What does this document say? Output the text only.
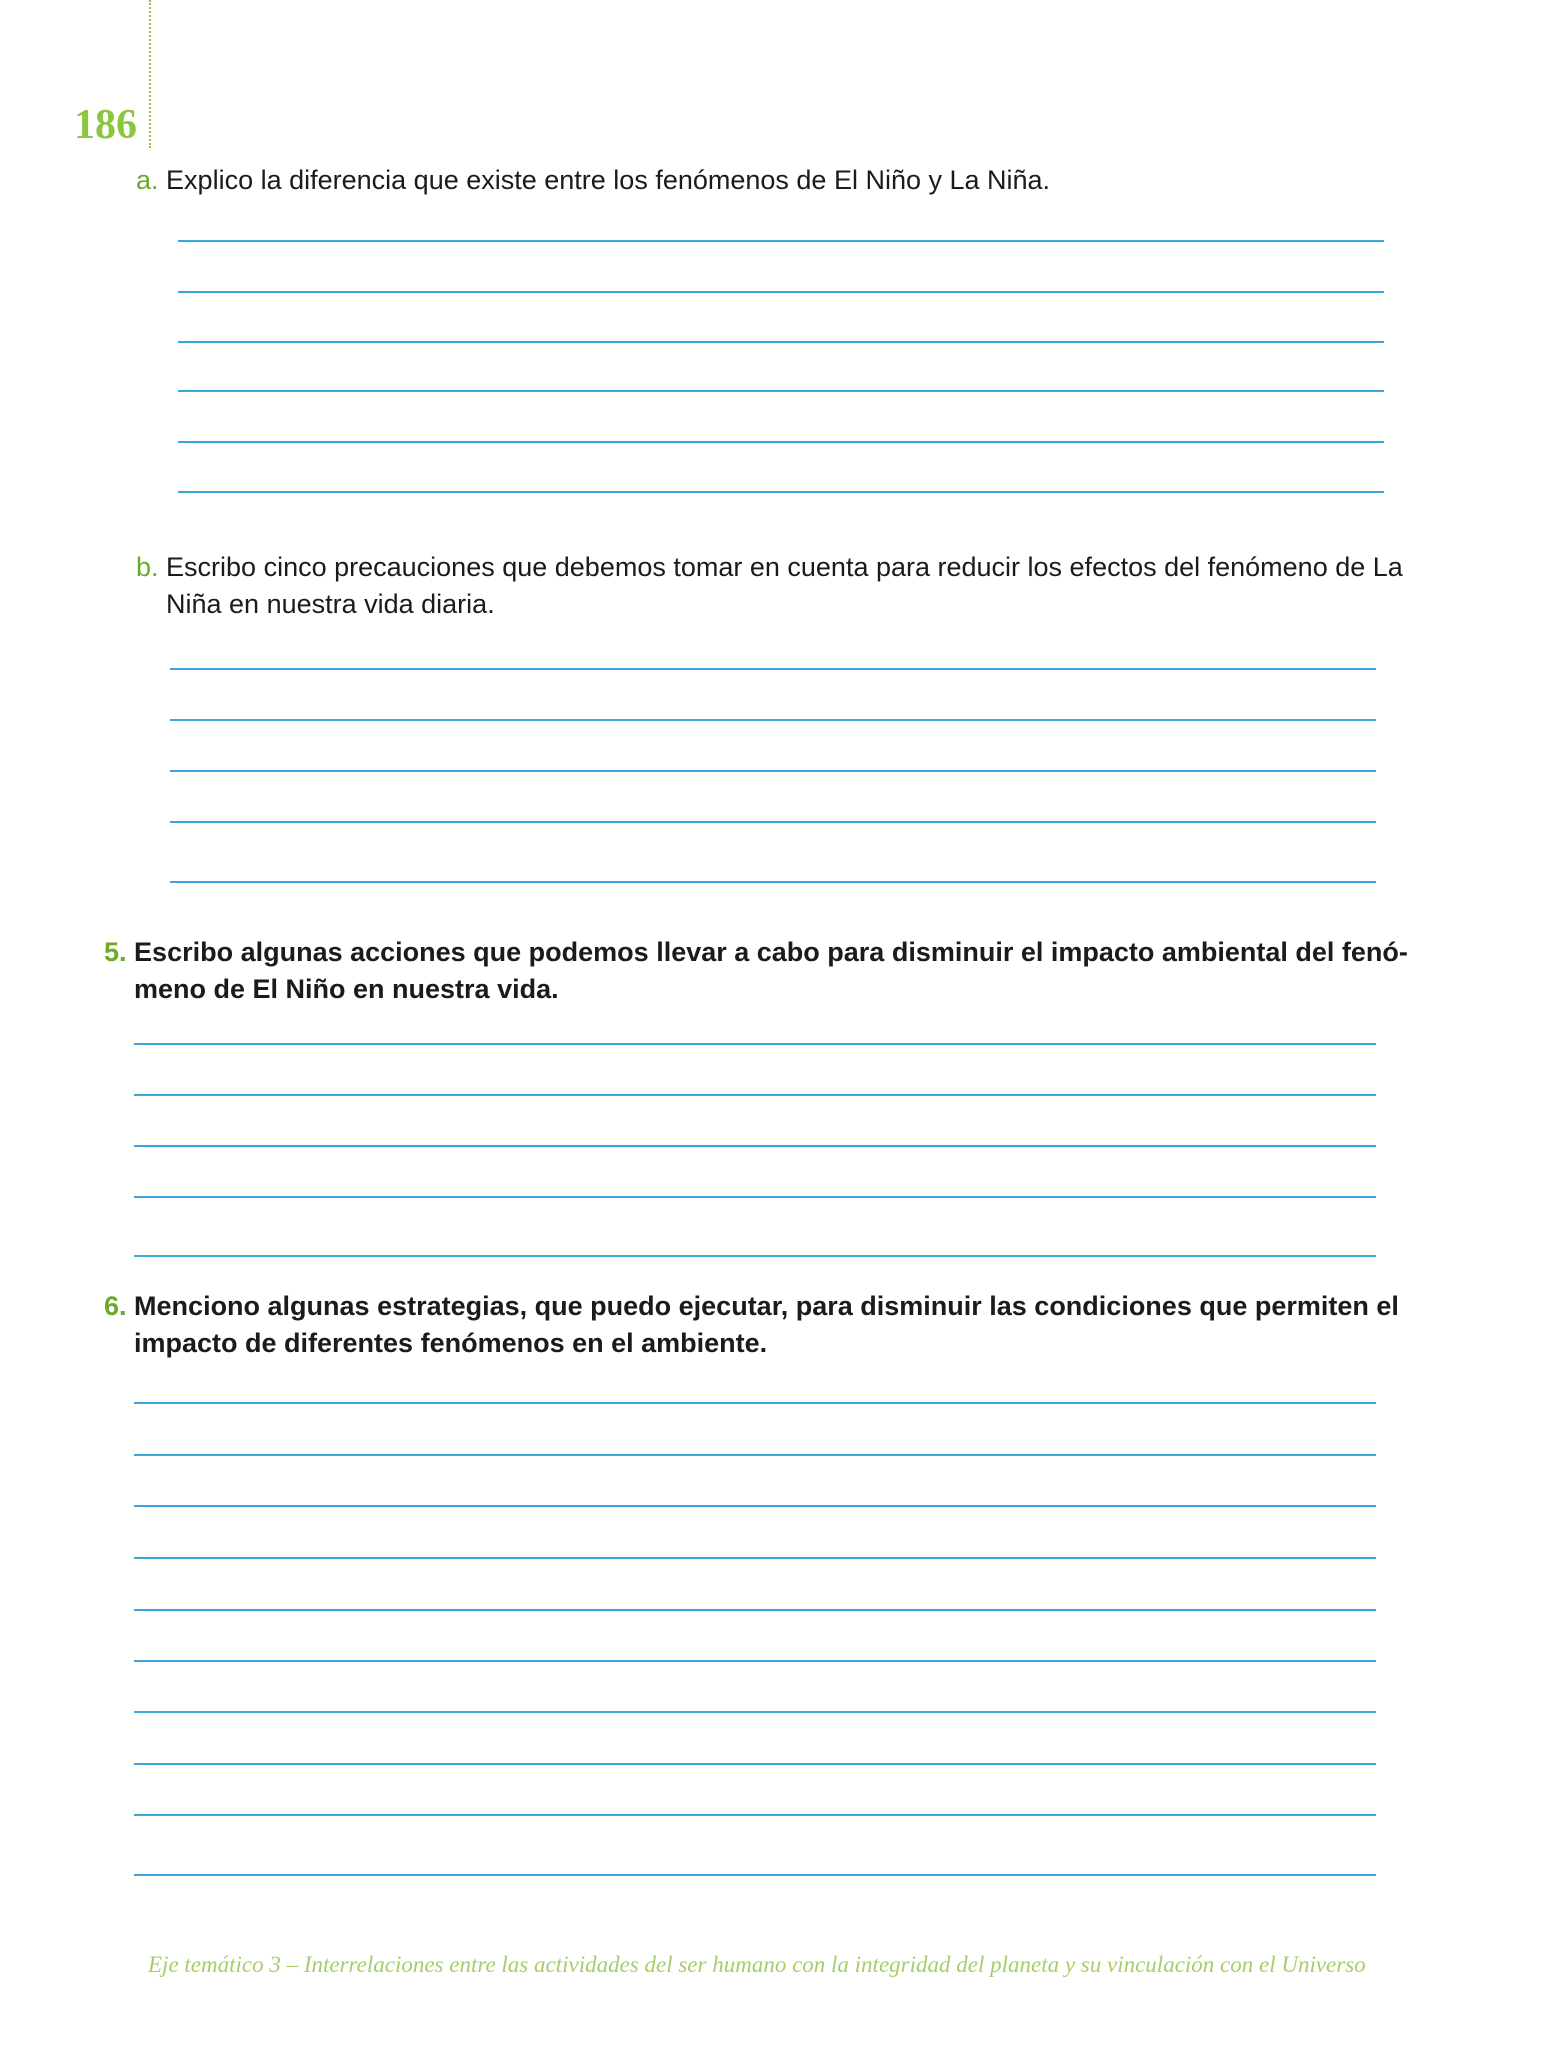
186

a. Explico la diferencia que existe entre los fenómenos de El Niño y La Niña.

b. Escribo cinco precauciones que debemos tomar en cuenta para reducir los efectos del fenómeno de La Niña en nuestra vida diaria.

5. Escribo algunas acciones que podemos llevar a cabo para disminuir el impacto ambiental del fenó-meno de El Niño en nuestra vida.

6. Menciono algunas estrategias, que puedo ejecutar, para disminuir las condiciones que permiten el impacto de diferentes fenómenos en el ambiente.

Eje temático 3 – Interrelaciones entre las actividades del ser humano con la integridad del planeta y su vinculación con el Universo
